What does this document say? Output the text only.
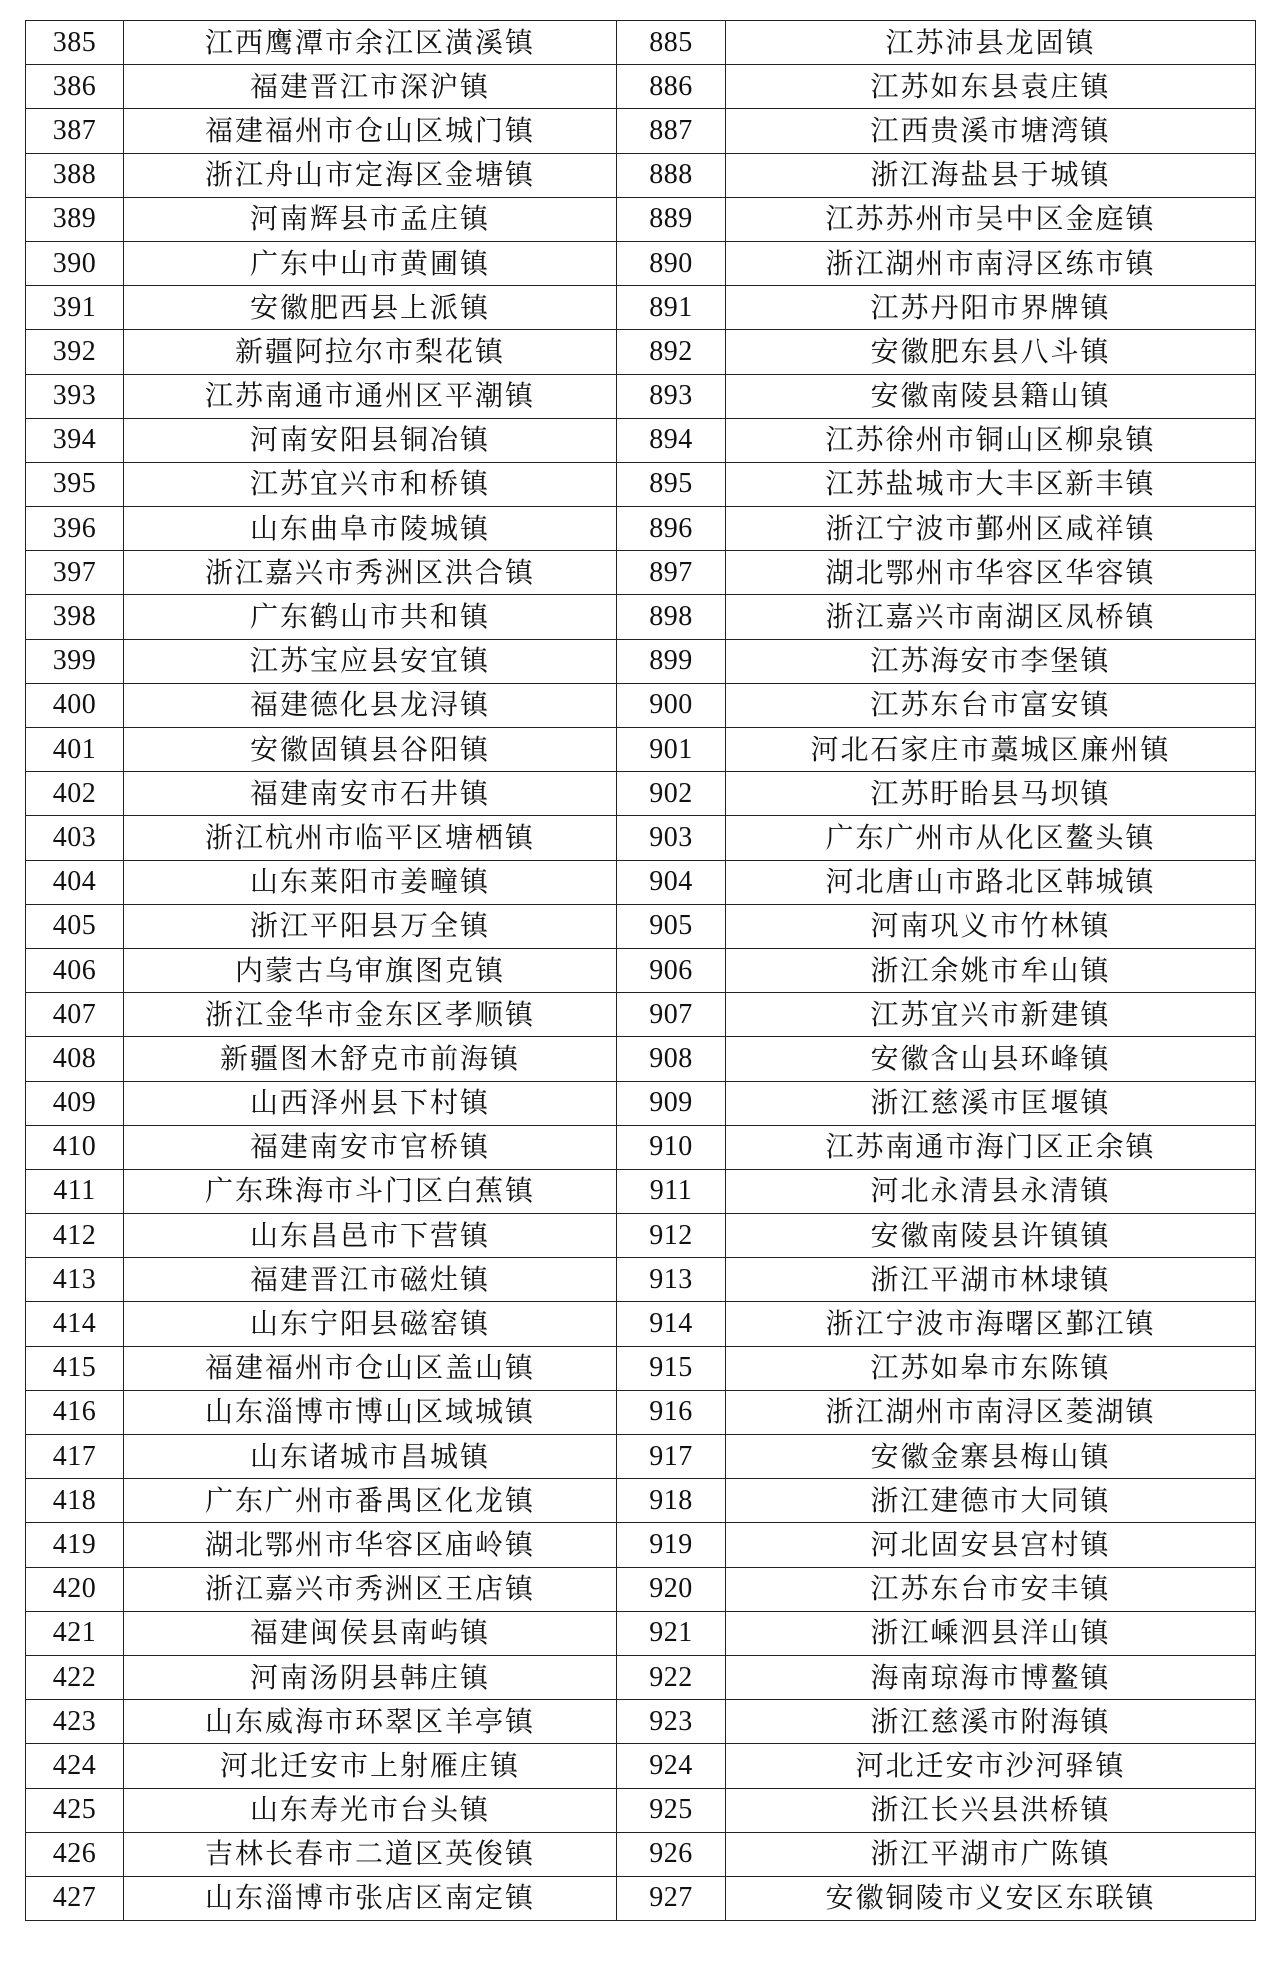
385	江西鹰潭市余江区潢溪镇	885	江苏沛县龙固镇
386	福建晋江市深沪镇	886	江苏如东县袁庄镇
387	福建福州市仓山区城门镇	887	江西贵溪市塘湾镇
388	浙江舟山市定海区金塘镇	888	浙江海盐县于城镇
389	河南辉县市孟庄镇	889	江苏苏州市吴中区金庭镇
390	广东中山市黄圃镇	890	浙江湖州市南浔区练市镇
391	安徽肥西县上派镇	891	江苏丹阳市界牌镇
392	新疆阿拉尔市梨花镇	892	安徽肥东县八斗镇
393	江苏南通市通州区平潮镇	893	安徽南陵县籍山镇
394	河南安阳县铜冶镇	894	江苏徐州市铜山区柳泉镇
395	江苏宜兴市和桥镇	895	江苏盐城市大丰区新丰镇
396	山东曲阜市陵城镇	896	浙江宁波市鄞州区咸祥镇
397	浙江嘉兴市秀洲区洪合镇	897	湖北鄂州市华容区华容镇
398	广东鹤山市共和镇	898	浙江嘉兴市南湖区凤桥镇
399	江苏宝应县安宜镇	899	江苏海安市李堡镇
400	福建德化县龙浔镇	900	江苏东台市富安镇
401	安徽固镇县谷阳镇	901	河北石家庄市藁城区廉州镇
402	福建南安市石井镇	902	江苏盱眙县马坝镇
403	浙江杭州市临平区塘栖镇	903	广东广州市从化区鳌头镇
404	山东莱阳市姜疃镇	904	河北唐山市路北区韩城镇
405	浙江平阳县万全镇	905	河南巩义市竹林镇
406	内蒙古乌审旗图克镇	906	浙江余姚市牟山镇
407	浙江金华市金东区孝顺镇	907	江苏宜兴市新建镇
408	新疆图木舒克市前海镇	908	安徽含山县环峰镇
409	山西泽州县下村镇	909	浙江慈溪市匡堰镇
410	福建南安市官桥镇	910	江苏南通市海门区正余镇
411	广东珠海市斗门区白蕉镇	911	河北永清县永清镇
412	山东昌邑市下营镇	912	安徽南陵县许镇镇
413	福建晋江市磁灶镇	913	浙江平湖市林埭镇
414	山东宁阳县磁窑镇	914	浙江宁波市海曙区鄞江镇
415	福建福州市仓山区盖山镇	915	江苏如皋市东陈镇
416	山东淄博市博山区域城镇	916	浙江湖州市南浔区菱湖镇
417	山东诸城市昌城镇	917	安徽金寨县梅山镇
418	广东广州市番禺区化龙镇	918	浙江建德市大同镇
419	湖北鄂州市华容区庙岭镇	919	河北固安县宫村镇
420	浙江嘉兴市秀洲区王店镇	920	江苏东台市安丰镇
421	福建闽侯县南屿镇	921	浙江嵊泗县洋山镇
422	河南汤阴县韩庄镇	922	海南琼海市博鳌镇
423	山东威海市环翠区羊亭镇	923	浙江慈溪市附海镇
424	河北迁安市上射雁庄镇	924	河北迁安市沙河驿镇
425	山东寿光市台头镇	925	浙江长兴县洪桥镇
426	吉林长春市二道区英俊镇	926	浙江平湖市广陈镇
427	山东淄博市张店区南定镇	927	安徽铜陵市义安区东联镇
